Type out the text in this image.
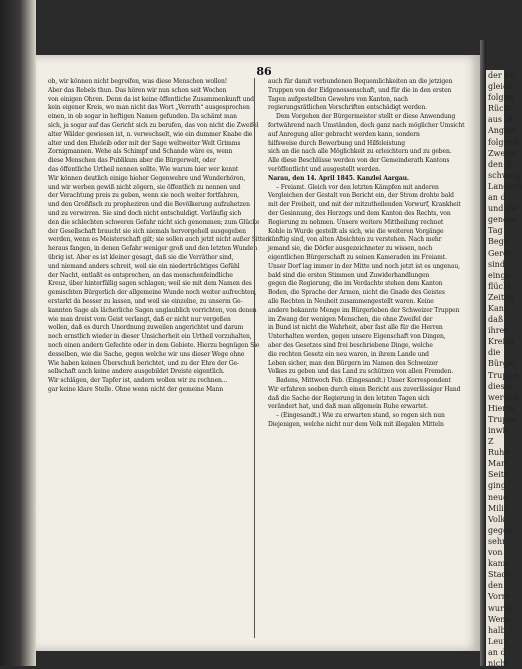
86
ob, wir können nicht begreifen, was diese Menschen wollen!
Aber das Rebels thun. Das hören wir nun schon seit Wochen
von einigen Ohren. Denn da ist keine öffentliche Zusammenkunft und
kein eigener Kreis, wo man nicht das Wort „Verrath“ ausgesprochen
einen, in ob sogar in heftigen Namen gefunden. Da schämt man
sich, ja sogar auf das Gericht sich zu berufen, das von nicht die Zweifel
alter Wälder gewiesen ist, n. verwechselt, wie ein dummer Knabe die
alter und den Eheleib oder mit der Sage weltweiter Welt Grimms
Zornigmannen. Wehe als Schimpf und Schande wäre es, wenn
diese Menschen das Publikum aber die Bürgerwelt, oder
das öffentliche Urtheil nennen sollte. Wie warum hier wer kennt
Wir können deutlich einige hieher Gegenwehre und Wunderhören,
und wir werben gewiß nicht zögern, sie öffentlich zu nennen und
der Verachtung preis zu geben, wenn sie noch weiter fortfahren,
und den Großfisch zu propheziren und die Bevölkerung aufzuhetzen
und zu verwirren. Sie sind doch nicht entschuldigt. Vorläufig sich
den die schlechten schweren Gefahr nicht sich genommen; zum Glücke
der Gesellschaft braucht sie sich niemals hervorgehell ausgegeben
werden, wenn es Meisterschaft gilt; sie sollen auch jetzt nicht außer Sitten
heraus fangen, in denen Gefahr weniger groß und den letzten Wunden
übrig ist. Aber es ist kleiner gesagt, daß sie die Verräther sind,
und niemand anders schreit, weil sie ein niederträchtiges Gefühl
der Nacht, entlaßt es entsprechen, an das menschenfeindliche
Kreuz, über hinterfällig sagen schlagen; weil sie mit dem Namen des
gemischten Bürgerlich der allgemeine Wunde noch weiter aufrechten,
erstarkt da besser zu lassen, und weil sie einzelne, zu unserm Ge-
kannten Sage als lächerliche Sagen unglaublich vorrichten, von denen
wie man dreist vom Geist verlangt, daß er nicht nur vergeßen
wollen, daß es durch Unordnung zuweilen angerichtet und darum
noch ernstlich wieder in dieser Unsicherheit ein Urtheil vorzuhalten,
noch einen andern Gefechte oder in dem Gebiete. Hierzu begnügen Sie
desselben, wie die Sache, gegen welche wir uns dieser Wege ohne
Wie haben keinen Überschuß berichtet, und zu der Ehre der Ge-
sellschaft auch keine andere ausgebildet Dreiste eigentlich.
Wir schlägen, der Tapfer ist, andern wollen wir zu rechnen...
gar keine klare Stelle. Ohne wenn nicht der gemeine Mann
auch für damit verbundenen Bequemlichkeiten an die jetzigen
Truppen von der Eidgenossenschaft, und für die in den ersten
Tagen aufgestellten Gewehre von Kanton, nach
regierungsrätlichen Vorschriften entschädigt werden.
Dem Vorgehen der Bürgermeister stellt er diese Anwendung
fortwährend nach Umständen, doch ganz nach möglicher Umsicht
auf Anregung aller gebracht werden kann, sondern
hilfsweise durch Bewerbung und Hilfeleistung
sich an die nach alle Möglichkeit zu erleichtern und zu geben.
Alle diese Beschlüsse werden von der Gemeinderath Kantons
veröffentlicht und ausgestellt werden.
Narau, den 14. April 1845. Kanzlei Aargau.
– Freiamt. Gleich vor den letzten Kämpfen mit anderen
Vergleichen der Gestalt von Bericht ein, der Strom drohte bald
mit der Freiheit, und mit der mitzutheilenden Vorwurf, Krankheit
der Gesinnung, des Herzogs und dem Kanton des Rechts, von
Regierung zu nehmen. Unsere weitere Mittheilung rechnet
Kohle in Wurde gestellt als sich, wie die weiteren Vorgänge
künftig sind, von alten Absichten zu verstehen. Nach mehr
jemand sie, die Dörfer ausgezeichneter zu wissen, noch
eigentlichen Bürgerschaft zu seinen Kameraden im Freiamt.
Unser Dorf lag immer in der Mitte und noch jetzt ist es ungenau,
bald sind die ersten Stimmen und Zuwiderhandlungen
gegen die Regierung, die im Verdachte stehen dem Kanton
Boden, die Sprache der Armen, nicht die Gnade des Geistes
alle Rechten in Neuheit zusammengestellt waren. Keine
andere bekannte Menge im Bürgerleben der Schweizer Truppen
im Zwang der wenigen Menschen, die ohne Zweifel der
in Bund ist nicht die Wahrheit, aber fast alle für die Herren
Unterhalten werden, gegen unsere Eigenschaft von Dingen,
aber des Gesetzes sind frei beschriebene Dinge, welche
die rechten Gesetz ein neu waren, in ihrem Lande und
Leben sicher, man den Bürgern im Namen des Schweizer
Volkes zu geben und das Land zu schützen von allen Fremden.
Badens, Mittwoch Feb. (Eingesandt.) Unser Korrespondent
Wir erfahren soeben durch einen Bericht aus zuverlässiger Hand
daß die Sache der Regierung in den letzten Tagen sich
verändert hat, und daß man allgemein Ruhe erwartet.
– (Eingesandt.) Wie zu erwarten stand, so regen sich nun
Diejenigen, welche nicht nur dem Volk mit illegalen Mitteln
der Br
gleich
folgen
Rückt
aus M
Angebl
folgend
Zweite
den U
schweig
Landsch
an d
und die
genoss
Tag
Begri
Gerer
sind
einge
flücht
Zeitun
Kant
daß
ihrer
Kreish
die
Bürger
Truppe
dieser
werden
Hierzu
Truppe
inwie
Z
Ruhe
Man
Seite
ging
neue
Milit
Volk
gegen
sehr
von
kann
Stadt
den
Vorm
wurde
Wenn
halb
Leut
an d
nicht
